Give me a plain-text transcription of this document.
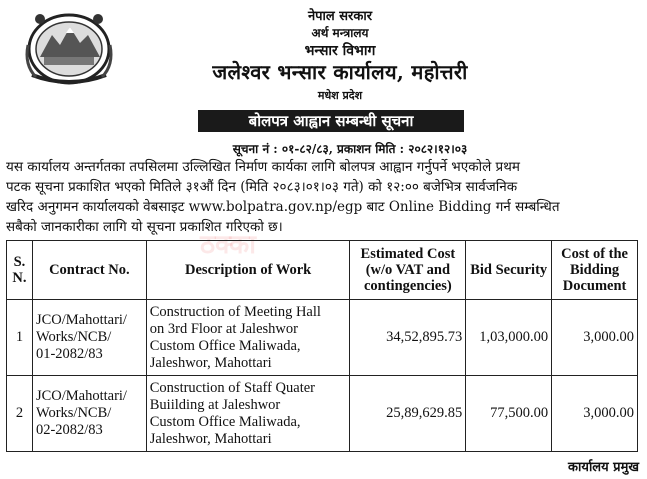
नेपाल सरकार
अर्थ मन्त्रालय
भन्सार विभाग
जलेश्वर भन्सार कार्यालय, महोत्तरी
मधेश प्रदेश
बोलपत्र आह्वान सम्बन्धी सूचना
सूचना नं : ०१-८२/८३, प्रकाशन मिति : २०८२।१२।०३
यस कार्यालय अन्तर्गतका तपसिलमा उल्लिखित निर्माण कार्यका लागि बोलपत्र आह्वान गर्नुपर्ने भएकोले प्रथम
पटक सूचना प्रकाशित भएको मितिले ३१औं दिन (मिति २०८३।०१।०३ गते) को १२:०० बजेभित्र सार्वजनिक
खरिद अनुगमन कार्यालयको वेबसाइट www.bolpatra.gov.np/egp बाट Online Bidding गर्न सम्बन्धित
सबैको जानकारीका लागि यो सूचना प्रकाशित गरिएको छ।
ठक्का
S. N.	Contract No.	Description of Work	Estimated Cost (w/o VAT and contingencies)	Bid Security	Cost of the Bidding Document
1	JCO/Mahottari/
Works/NCB/
01-2082/83	Construction of Meeting Hall
on 3rd Floor at Jaleshwor
Custom Office Maliwada,
Jaleshwor, Mahottari	34,52,895.73	1,03,000.00	3,000.00
2	JCO/Mahottari/
Works/NCB/
02-2082/83	Construction of Staff Quater
Buiilding at Jaleshwor
Custom Office Maliwada,
Jaleshwor, Mahottari	25,89,629.85	77,500.00	3,000.00
कार्यालय प्रमुख
